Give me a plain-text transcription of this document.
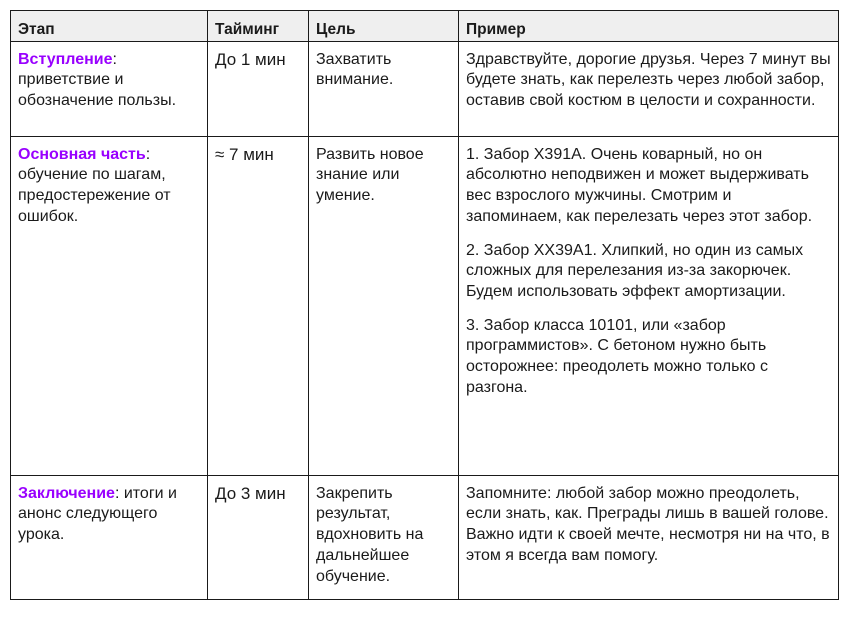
Этап	Тайминг	Цель	Пример
Вступление: приветствие и обозначение пользы.	До 1 мин	Захватить внимание.	Здравствуйте, дорогие друзья. Через 7 минут вы будете знать, как перелезть через любой забор, оставив свой костюм в целости и сохранности.

Основная часть: обучение по шагам, предостережение от ошибок.	≈ 7 мин	Развить новое знание или умение.	1. Забор Х391А. Очень коварный, но он абсолютно неподвижен и может выдерживать вес взрослого мужчины. Смотрим и запоминаем, как перелезать через этот забор.
2. Забор ХХ39А1. Хлипкий, но один из самых сложных для перелезания из-за закорючек. Будем использовать эффект амортизации.
3. Забор класса 10101, или «забор программистов». С бетоном нужно быть осторожнее: преодолеть можно только с разгона.

Заключение: итоги и анонс следующего урока.	До 3 мин	Закрепить результат, вдохновить на дальнейшее обучение.	Запомните: любой забор можно преодолеть, если знать, как. Преграды лишь в вашей голове. Важно идти к своей мечте, несмотря ни на что, в этом я всегда вам помогу.
